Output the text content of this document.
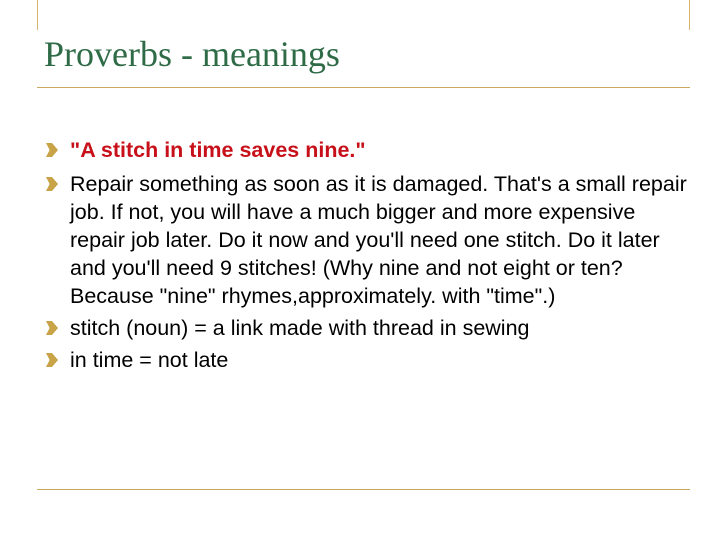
Proverbs - meanings
"A stitch in time saves nine."
Repair something as soon as it is damaged. That's a small repair job. If not, you will have a much bigger and more expensive repair job later. Do it now and you'll need one stitch. Do it later and you'll need 9 stitches! (Why nine and not eight or ten? Because "nine" rhymes,approximately. with "time".)
stitch (noun) = a link made with thread in sewing
in time = not late
